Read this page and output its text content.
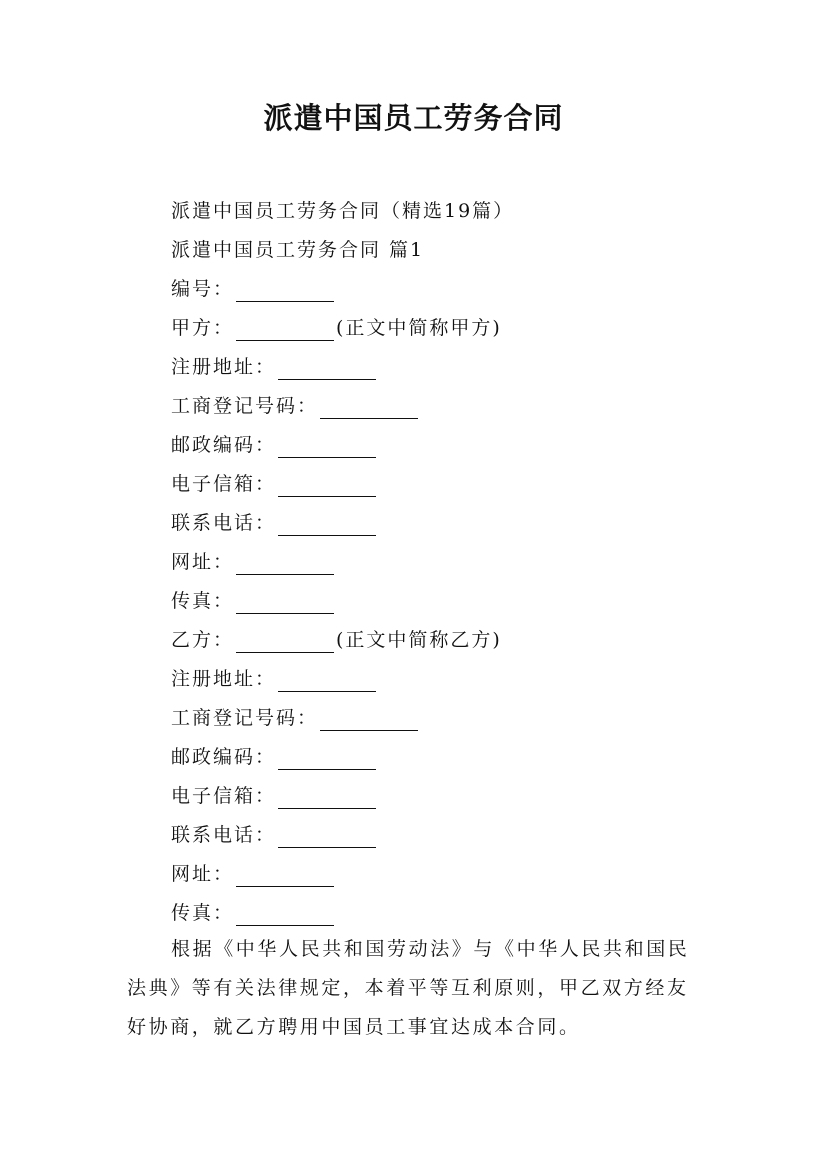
派遣中国员工劳务合同
派遣中国员工劳务合同（精选19篇）
派遣中国员工劳务合同 篇1
编号：
甲方：	(正文中简称甲方)
注册地址：
工商登记号码：
邮政编码：
电子信箱：
联系电话：
网址：
传真：
乙方：	(正文中简称乙方)
注册地址：
工商登记号码：
邮政编码：
电子信箱：
联系电话：
网址：
传真：
根据《中华人民共和国劳动法》与《中华人民共和国民法典》等有关法律规定，本着平等互利原则，甲乙双方经友好协商，就乙方聘用中国员工事宜达成本合同。
